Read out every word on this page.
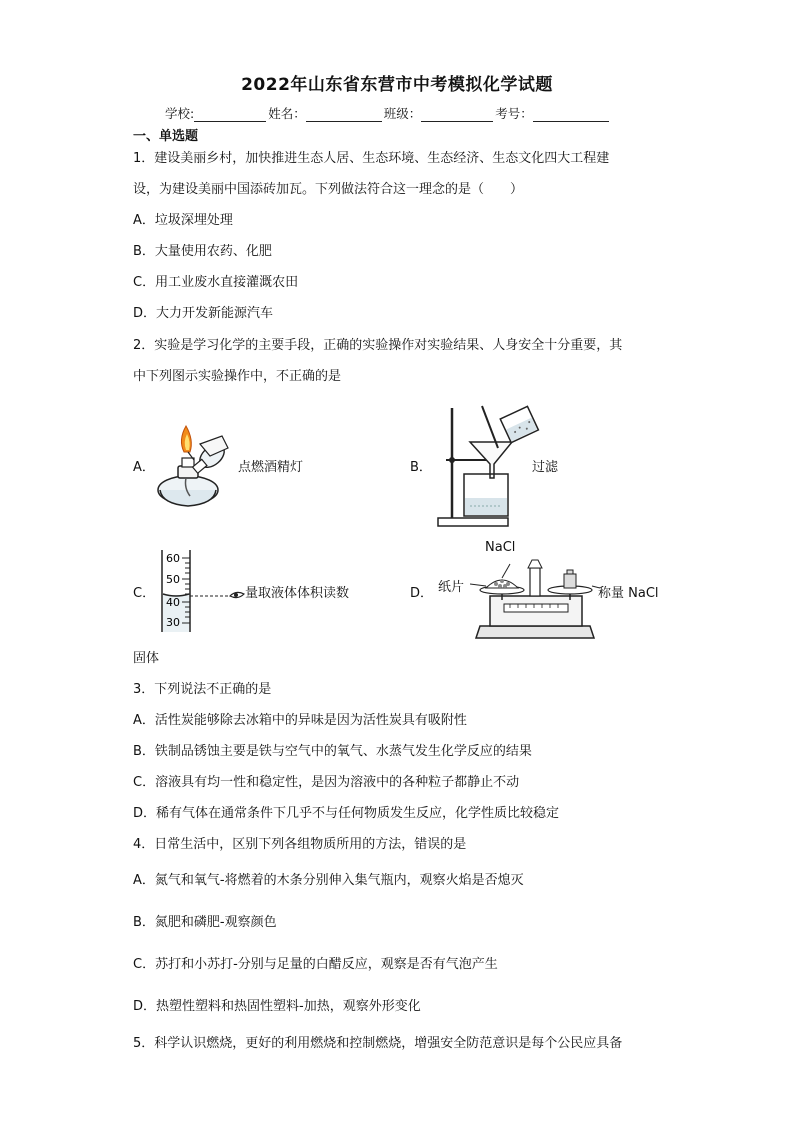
2022年山东省东营市中考模拟化学试题
学校:	姓名：	班级：	考号：
一、单选题
1．建设美丽乡村，加快推进生态人居、生态环境、生态经济、生态文化四大工程建
设，为建设美丽中国添砖加瓦。下列做法符合这一理念的是（　　）
A．垃圾深埋处理
B．大量使用农药、化肥
C．用工业废水直接灌溉农田
D．大力开发新能源汽车
2．实验是学习化学的主要手段，正确的实验操作对实验结果、人身安全十分重要，其
中下列图示实验操作中，不正确的是
A．	点燃酒精灯	B．	过滤
C．
60
50
40
30
量取液体体积读数	D．
NaCl
纸片	称量 NaCl
固体
3．下列说法不正确的是
A．活性炭能够除去冰箱中的异味是因为活性炭具有吸附性
B．铁制品锈蚀主要是铁与空气中的氧气、水蒸气发生化学反应的结果
C．溶液具有均一性和稳定性，是因为溶液中的各种粒子都静止不动
D．稀有气体在通常条件下几乎不与任何物质发生反应，化学性质比较稳定
4．日常生活中，区别下列各组物质所用的方法，错误的是
A．氮气和氧气-将燃着的木条分别伸入集气瓶内，观察火焰是否熄灭
B．氮肥和磷肥-观察颜色
C．苏打和小苏打-分别与足量的白醋反应，观察是否有气泡产生
D．热塑性塑料和热固性塑料-加热，观察外形变化
5．科学认识燃烧，更好的利用燃烧和控制燃烧，增强安全防范意识是每个公民应具备
